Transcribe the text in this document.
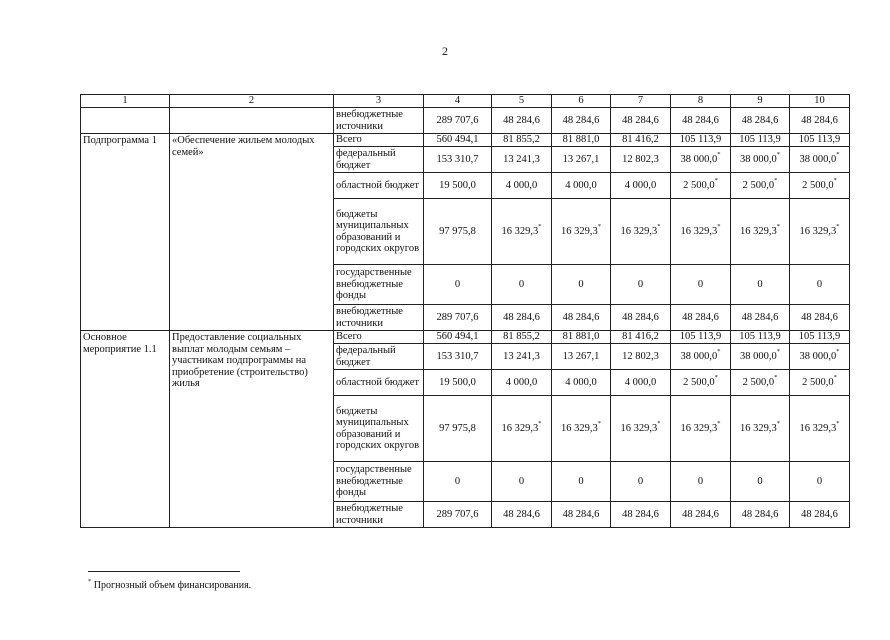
2
1	2	3	4	5	6	7	8	9	10
		внебюджетные источники	289 707,6	48 284,6	48 284,6	48 284,6	48 284,6	48 284,6	48 284,6
Подпрограмма 1	«Обеспечение жильем молодых семей»	Всего	560 494,1	81 855,2	81 881,0	81 416,2	105 113,9	105 113,9	105 113,9
		федеральный бюджет	153 310,7	13 241,3	13 267,1	12 802,3	38 000,0*	38 000,0*	38 000,0*
		областной бюджет	19 500,0	4 000,0	4 000,0	4 000,0	2 500,0*	2 500,0*	2 500,0*
		бюджеты муниципальных образований и городских округов	97 975,8	16 329,3*	16 329,3*	16 329,3*	16 329,3*	16 329,3*	16 329,3*
		государственные внебюджетные фонды	0	0	0	0	0	0	0
		внебюджетные источники	289 707,6	48 284,6	48 284,6	48 284,6	48 284,6	48 284,6	48 284,6
Основное мероприятие 1.1	Предоставление социальных выплат молодым семьям – участникам подпрограммы на приобретение (строительство) жилья	Всего	560 494,1	81 855,2	81 881,0	81 416,2	105 113,9	105 113,9	105 113,9
		федеральный бюджет	153 310,7	13 241,3	13 267,1	12 802,3	38 000,0*	38 000,0*	38 000,0*
		областной бюджет	19 500,0	4 000,0	4 000,0	4 000,0	2 500,0*	2 500,0*	2 500,0*
		бюджеты муниципальных образований и городских округов	97 975,8	16 329,3*	16 329,3*	16 329,3*	16 329,3*	16 329,3*	16 329,3*
		государственные внебюджетные фонды	0	0	0	0	0	0	0
		внебюджетные источники	289 707,6	48 284,6	48 284,6	48 284,6	48 284,6	48 284,6	48 284,6
* Прогнозный объем финансирования.
